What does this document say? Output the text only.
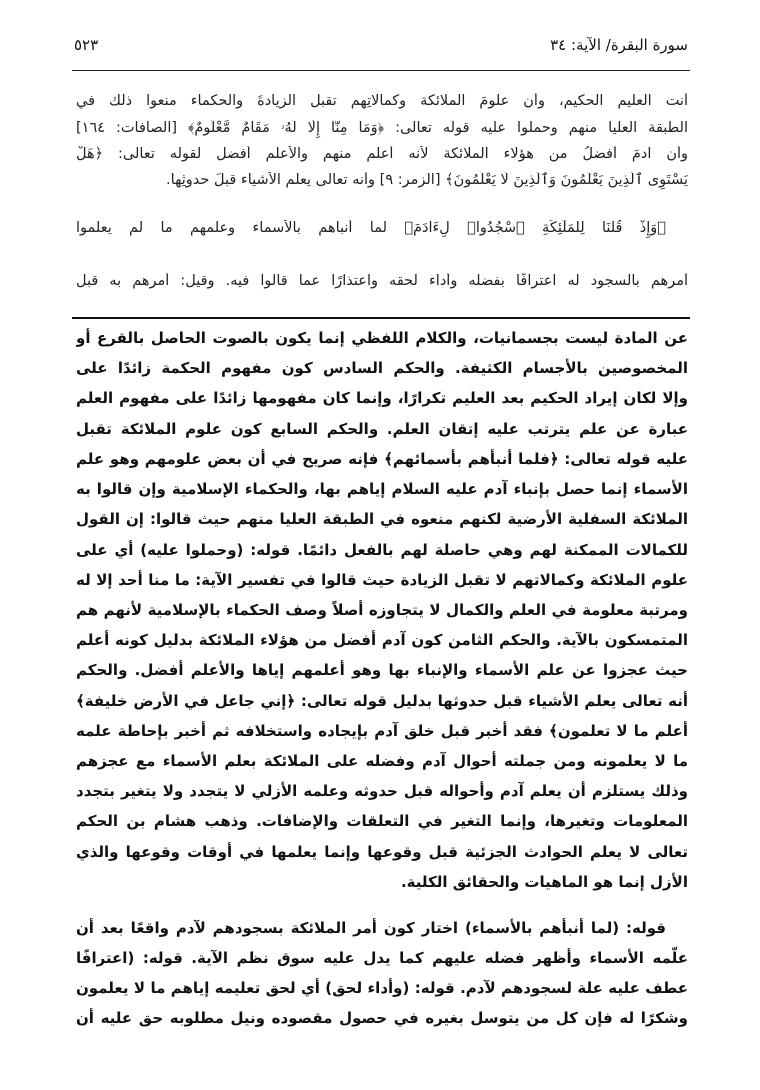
سورة البقرة/ الآية: ٣٤
٥٢٣
أنت العليم الحكيم، وأن علومَ الملائكة وكمالاتِهم تقبل الزيادةَ والحكماء منعوا ذلك في
الطبقة العليا منهم وحملوا عليه قولَه تعالى: ﴿وَمَا مِنَّآ إِلَّا لَهُۥ مَقَامٌ مَّعْلُومٌ﴾ [الصافات: ١٦٤]
وأن آدمَ أفضلُ من هؤلاء الملائكة لأنه أعلم منهم والأعلم أفضل لقوله تعالى: ﴿هَلْ
يَسْتَوِى ٱلَّذِينَ يَعْلَمُونَ وَٱلَّذِينَ لَا يَعْلَمُونَ﴾ [الزمر: ٩] وأنه تعالى يعلم الأشياء قبلَ حدوثِها.
﴿وَإِذْ قُلْنَا لِلْمَلَٰٓئِكَةِ ٱسْجُدُوا۟ لِءَادَمَ﴾ لما أنبأهم بالأسماء وعلمهم ما لم يعلموا
أمرهم بالسجود له اعترافًا بفضله وأداء لحقه واعتذارًا عما قالوا فيه. وقيل: أمرهم به قبل
عن المادة ليست بجسمانيات، والكلام اللفظي إنما يكون بالصوت الحاصل بالقرع أو
المخصوصين بالأجسام الكثيفة. والحكم السادس كون مفهوم الحكمة زائدًا على
وإلا لكان إيراد الحكيم بعد العليم تكرارًا، وإنما كان مفهومها زائدًا على مفهوم العلم
عبارة عن علم يترتب عليه إتقان العلم. والحكم السابع كون علوم الملائكة تقبل
عليه قوله تعالى: ﴿فلما أنبأهم بأسمائهم﴾ فإنه صريح في أن بعض علومهم وهو علم
الأسماء إنما حصل بإنباء آدم عليه السلام إياهم بها، والحكماء الإسلامية وإن قالوا به
الملائكة السفلية الأرضية لكنهم منعوه في الطبقة العليا منهم حيث قالوا: إن القول
للكمالات الممكنة لهم وهي حاصلة لهم بالفعل دائمًا. قوله: (وحملوا عليه) أي على
علوم الملائكة وكمالاتهم لا تقبل الزيادة حيث قالوا في تفسير الآية: ما منا أحد إلا له
ومرتبة معلومة في العلم والكمال لا يتجاوزه أصلاً وصف الحكماء بالإسلامية لأنهم هم
المتمسكون بالآية. والحكم الثامن كون آدم أفضل من هؤلاء الملائكة بدليل كونه أعلم
حيث عجزوا عن علم الأسماء والإنباء بها وهو أعلمهم إياها والأعلم أفضل. والحكم
أنه تعالى يعلم الأشياء قبل حدوثها بدليل قوله تعالى: ﴿إني جاعل في الأرض خليفة﴾
أعلم ما لا تعلمون﴾ فقد أخبر قبل خلق آدم بإيجاده واستخلافه ثم أخبر بإحاطة علمه
ما لا يعلمونه ومن جملته أحوال آدم وفضله على الملائكة بعلم الأسماء مع عجزهم
وذلك يستلزم أن يعلم آدم وأحواله قبل حدوثه وعلمه الأزلي لا يتجدد ولا يتغير بتجدد
المعلومات وتغيرها، وإنما التغير في التعلقات والإضافات. وذهب هشام بن الحكم
تعالى لا يعلم الحوادث الجزئية قبل وقوعها وإنما يعلمها في أوقات وقوعها والذي
الأزل إنما هو الماهيات والحقائق الكلية.
قوله: (لما أنبأهم بالأسماء) اختار كون أمر الملائكة بسجودهم لآدم واقعًا بعد أن
علّمه الأسماء وأظهر فضله عليهم كما يدل عليه سوق نظم الآية. قوله: (اعترافًا
عطف عليه علة لسجودهم لآدم. قوله: (وأداء لحق) أي لحق تعليمه إياهم ما لا يعلمون
وشكرًا له فإن كل من يتوسل بغيره في حصول مقصوده ونيل مطلوبه حق عليه أن
